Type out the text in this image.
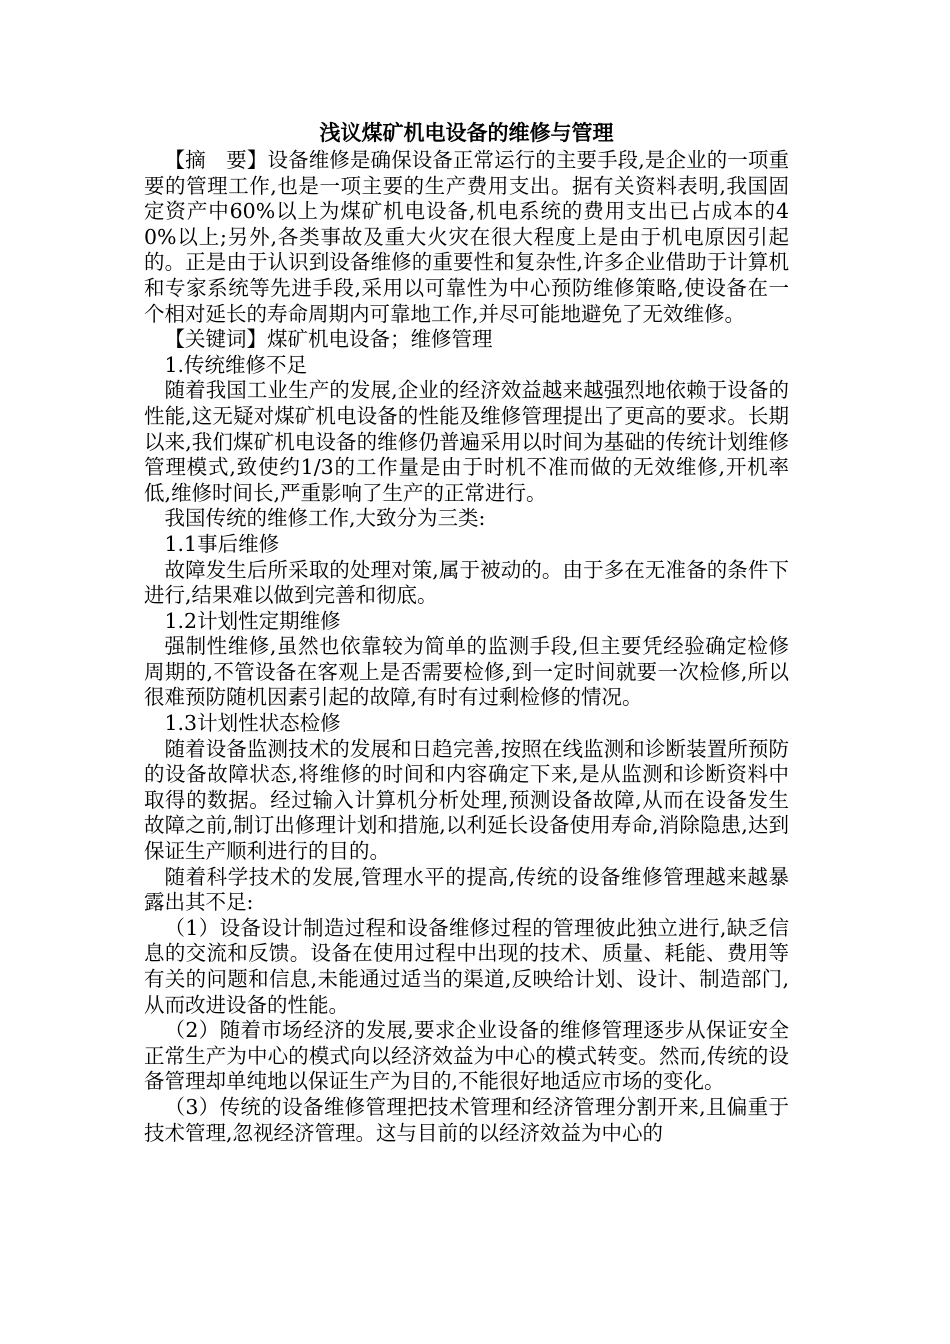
浅议煤矿机电设备的维修与管理

【摘　要】设备维修是确保设备正常运行的主要手段,是企业的一项重要的管理工作,也是一项主要的生产费用支出。据有关资料表明,我国固定资产中60%以上为煤矿机电设备,机电系统的费用支出已占成本的40%以上;另外,各类事故及重大火灾在很大程度上是由于机电原因引起的。正是由于认识到设备维修的重要性和复杂性,许多企业借助于计算机和专家系统等先进手段,采用以可靠性为中心预防维修策略,使设备在一个相对延长的寿命周期内可靠地工作,并尽可能地避免了无效维修。

【关键词】煤矿机电设备；维修管理

1.传统维修不足

随着我国工业生产的发展,企业的经济效益越来越强烈地依赖于设备的性能,这无疑对煤矿机电设备的性能及维修管理提出了更高的要求。长期以来,我们煤矿机电设备的维修仍普遍采用以时间为基础的传统计划维修管理模式,致使约1/3的工作量是由于时机不准而做的无效维修,开机率低,维修时间长,严重影响了生产的正常进行。

我国传统的维修工作,大致分为三类:

1.1事后维修

故障发生后所采取的处理对策,属于被动的。由于多在无准备的条件下进行,结果难以做到完善和彻底。

1.2计划性定期维修

强制性维修,虽然也依靠较为简单的监测手段,但主要凭经验确定检修周期的,不管设备在客观上是否需要检修,到一定时间就要一次检修,所以很难预防随机因素引起的故障,有时有过剩检修的情况。

1.3计划性状态检修

随着设备监测技术的发展和日趋完善,按照在线监测和诊断装置所预防的设备故障状态,将维修的时间和内容确定下来,是从监测和诊断资料中取得的数据。经过输入计算机分析处理,预测设备故障,从而在设备发生故障之前,制订出修理计划和措施,以利延长设备使用寿命,消除隐患,达到保证生产顺利进行的目的。

随着科学技术的发展,管理水平的提高,传统的设备维修管理越来越暴露出其不足:

（1）设备设计制造过程和设备维修过程的管理彼此独立进行,缺乏信息的交流和反馈。设备在使用过程中出现的技术、质量、耗能、费用等有关的问题和信息,未能通过适当的渠道,反映给计划、设计、制造部门,从而改进设备的性能。

（2）随着市场经济的发展,要求企业设备的维修管理逐步从保证安全正常生产为中心的模式向以经济效益为中心的模式转变。然而,传统的设备管理却单纯地以保证生产为目的,不能很好地适应市场的变化。

（3）传统的设备维修管理把技术管理和经济管理分割开来,且偏重于技术管理,忽视经济管理。这与目前的以经济效益为中心的
